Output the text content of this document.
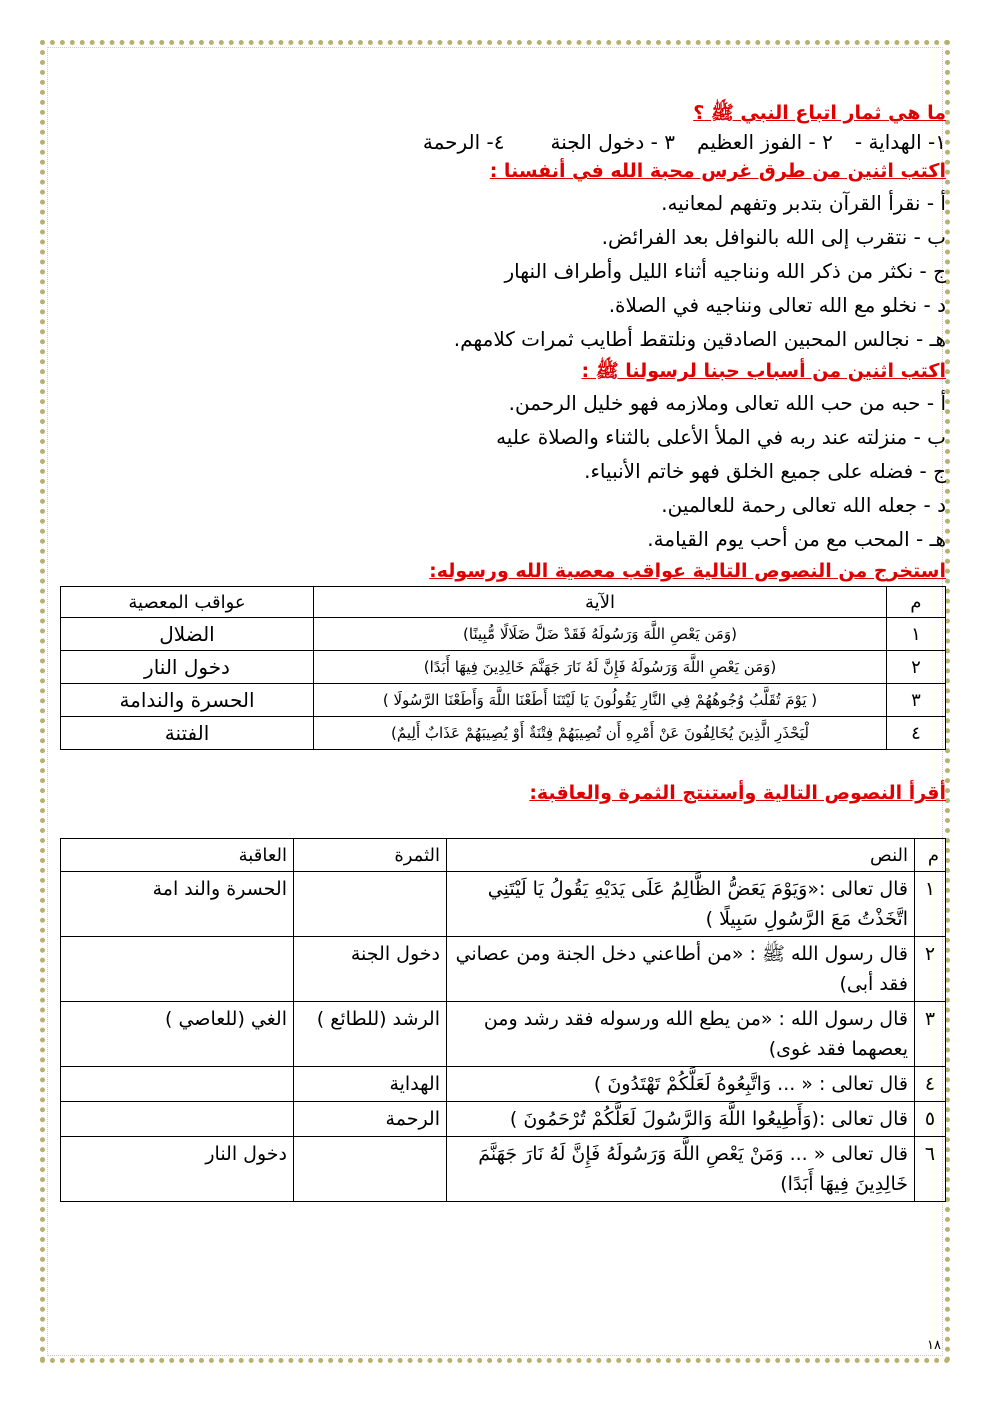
ما هي ثمار اتباع النبي ﷺ ؟

١- الهداية -
٢ - الفوز العظيم
٣ - دخول الجنة
٤- الرحمة

اكتب اثنين من طرق غرس محبة الله في أنفسنا :

أ - نقرأ القرآن بتدبر وتفهم لمعانيه.

ب - نتقرب إلى الله بالنوافل بعد الفرائض.

ج - نكثر من ذكر الله ونناجيه أثناء الليل وأطراف النهار

د - نخلو مع الله تعالى ونناجيه في الصلاة.

هـ - نجالس المحبين الصادقين ونلتقط أطايب ثمرات كلامهم.

اكتب اثنين من أسباب حبنا لرسولنا ﷺ :

أ - حبه من حب الله تعالى وملازمه فهو خليل الرحمن.

ب - منزلته عند ربه في الملأ الأعلى بالثناء والصلاة عليه

ج - فضله على جميع الخلق فهو خاتم الأنبياء.

د - جعله الله تعالى رحمة للعالمين.

هـ - المحب مع من أحب يوم القيامة.

استخرج من النصوص التالية عواقب معصية الله ورسوله:

م	الآية	عواقب المعصية
١	(وَمَن يَعْصِ اللَّهَ وَرَسُولَهُ فَقَدْ ضَلَّ ضَلَالًا مُّبِينًا)	الضلال
٢	(وَمَن يَعْصِ اللَّهَ وَرَسُولَهُ فَإِنَّ لَهُ نَارَ جَهَنَّمَ خَالِدِينَ فِيهَا أَبَدًا)	دخول النار
٣	( يَوْمَ تُقَلَّبُ وُجُوهُهُمْ فِي النَّارِ يَقُولُونَ يَا لَيْتَنَا أَطَعْنَا اللَّهَ وَأَطَعْنَا الرَّسُولَا )	الحسرة والندامة
٤	لْيَحْذَرِ الَّذِينَ يُخَالِفُونَ عَنْ أَمْرِهِ أَن تُصِيبَهُمْ فِتْنَةٌ أَوْ يُصِيبَهُمْ عَذَابٌ أَلِيمٌ)	الفتنة

أقرأ النصوص التالية وأستنتج الثمرة والعاقبة:

م	النص	الثمرة	العاقبة
١	قال تعالى :«وَيَوْمَ يَعَضُّ الظَّالِمُ عَلَى يَدَيْهِ يَقُولُ يَا لَيْتَنِي اتَّخَذْتُ مَعَ الرَّسُولِ سَبِيلًا )		الحسرة والند امة
٢	قال رسول الله ﷺ : «من أطاعني دخل الجنة ومن عصاني فقد أبى)	دخول الجنة	
٣	قال رسول الله : «من يطع الله ورسوله فقد رشد ومن يعصهما فقد غوى)	الرشد (للطائع )	الغي (للعاصي )
٤	قال تعالى : « ... وَاتَّبِعُوهُ لَعَلَّكُمْ تَهْتَدُونَ )	الهداية	
٥	قال تعالى :(وَأَطِيعُوا اللَّهَ وَالرَّسُولَ لَعَلَّكُمْ تُرْحَمُونَ )	الرحمة	
٦	قال تعالى « ... وَمَنْ يَعْصِ اللَّهَ وَرَسُولَهُ فَإِنَّ لَهُ نَارَ جَهَنَّمَ خَالِدِينَ فِيهَا أَبَدًا)		دخول النار
١٨
